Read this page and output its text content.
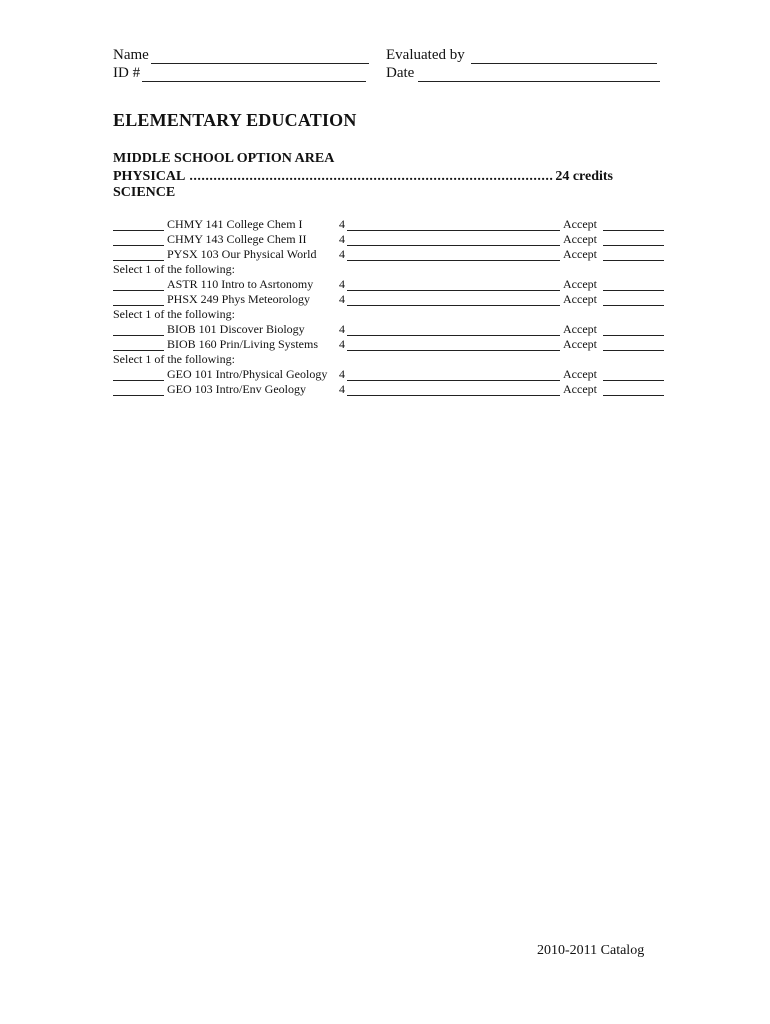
Name
ID #
Evaluated by
Date
ELEMENTARY EDUCATION
MIDDLE SCHOOL OPTION AREA
PHYSICAL SCIENCE
........................................................................................... 24 credits
CHMY 141 College Chem I	4	Accept
CHMY 143 College Chem II	4	Accept
PYSX 103 Our Physical World 4	Accept
Select 1 of the following:
ASTR 110 Intro to Asrtonomy 4	Accept
PHSX 249 Phys Meteorology 4	Accept
Select 1 of the following:
BIOB 101 Discover Biology	4	Accept
BIOB 160 Prin/Living Systems 4	Accept
Select 1 of the following:
GEO 101 Intro/Physical Geology 4	Accept
GEO 103 Intro/Env Geology	4	Accept
2010-2011 Catalog
